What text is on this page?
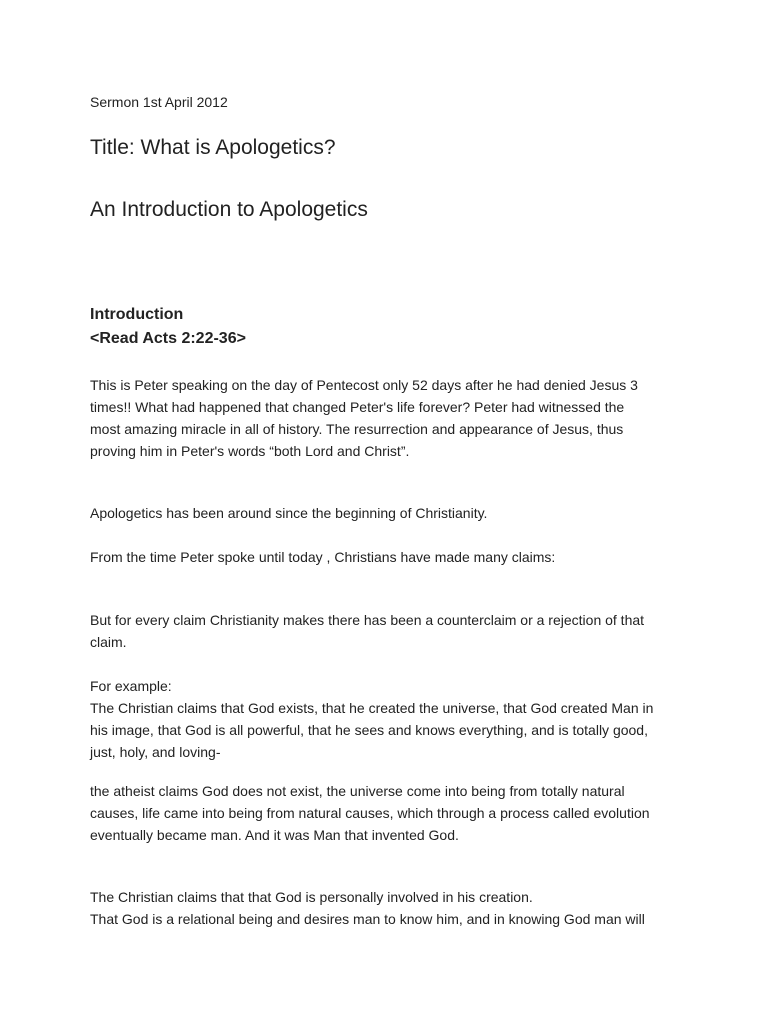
Sermon 1st April 2012
Title: What is Apologetics?
An Introduction to Apologetics
Introduction
<Read Acts 2:22-36>
This is Peter speaking on the day of Pentecost only 52 days after he had denied Jesus 3
times!! What had happened that changed Peter's life forever? Peter had witnessed the
most amazing miracle in all of history. The resurrection and appearance of Jesus, thus
proving him in Peter's words “both Lord and Christ”.
Apologetics has been around since the beginning of Christianity.
From the time Peter spoke until today , Christians have made many claims:
But for every claim Christianity makes there has been a counterclaim or a rejection of that
claim.
For example:
The Christian claims that God exists, that he created the universe, that God created Man in
his image, that God is all powerful, that he sees and knows everything, and is totally good,
just, holy, and loving-
the atheist claims God does not exist, the universe come into being from totally natural
causes, life came into being from natural causes, which through a process called evolution
eventually became man. And it was Man that invented God.
The Christian claims that that God is personally involved in his creation.
That God is a relational being and desires man to know him, and in knowing God man will
